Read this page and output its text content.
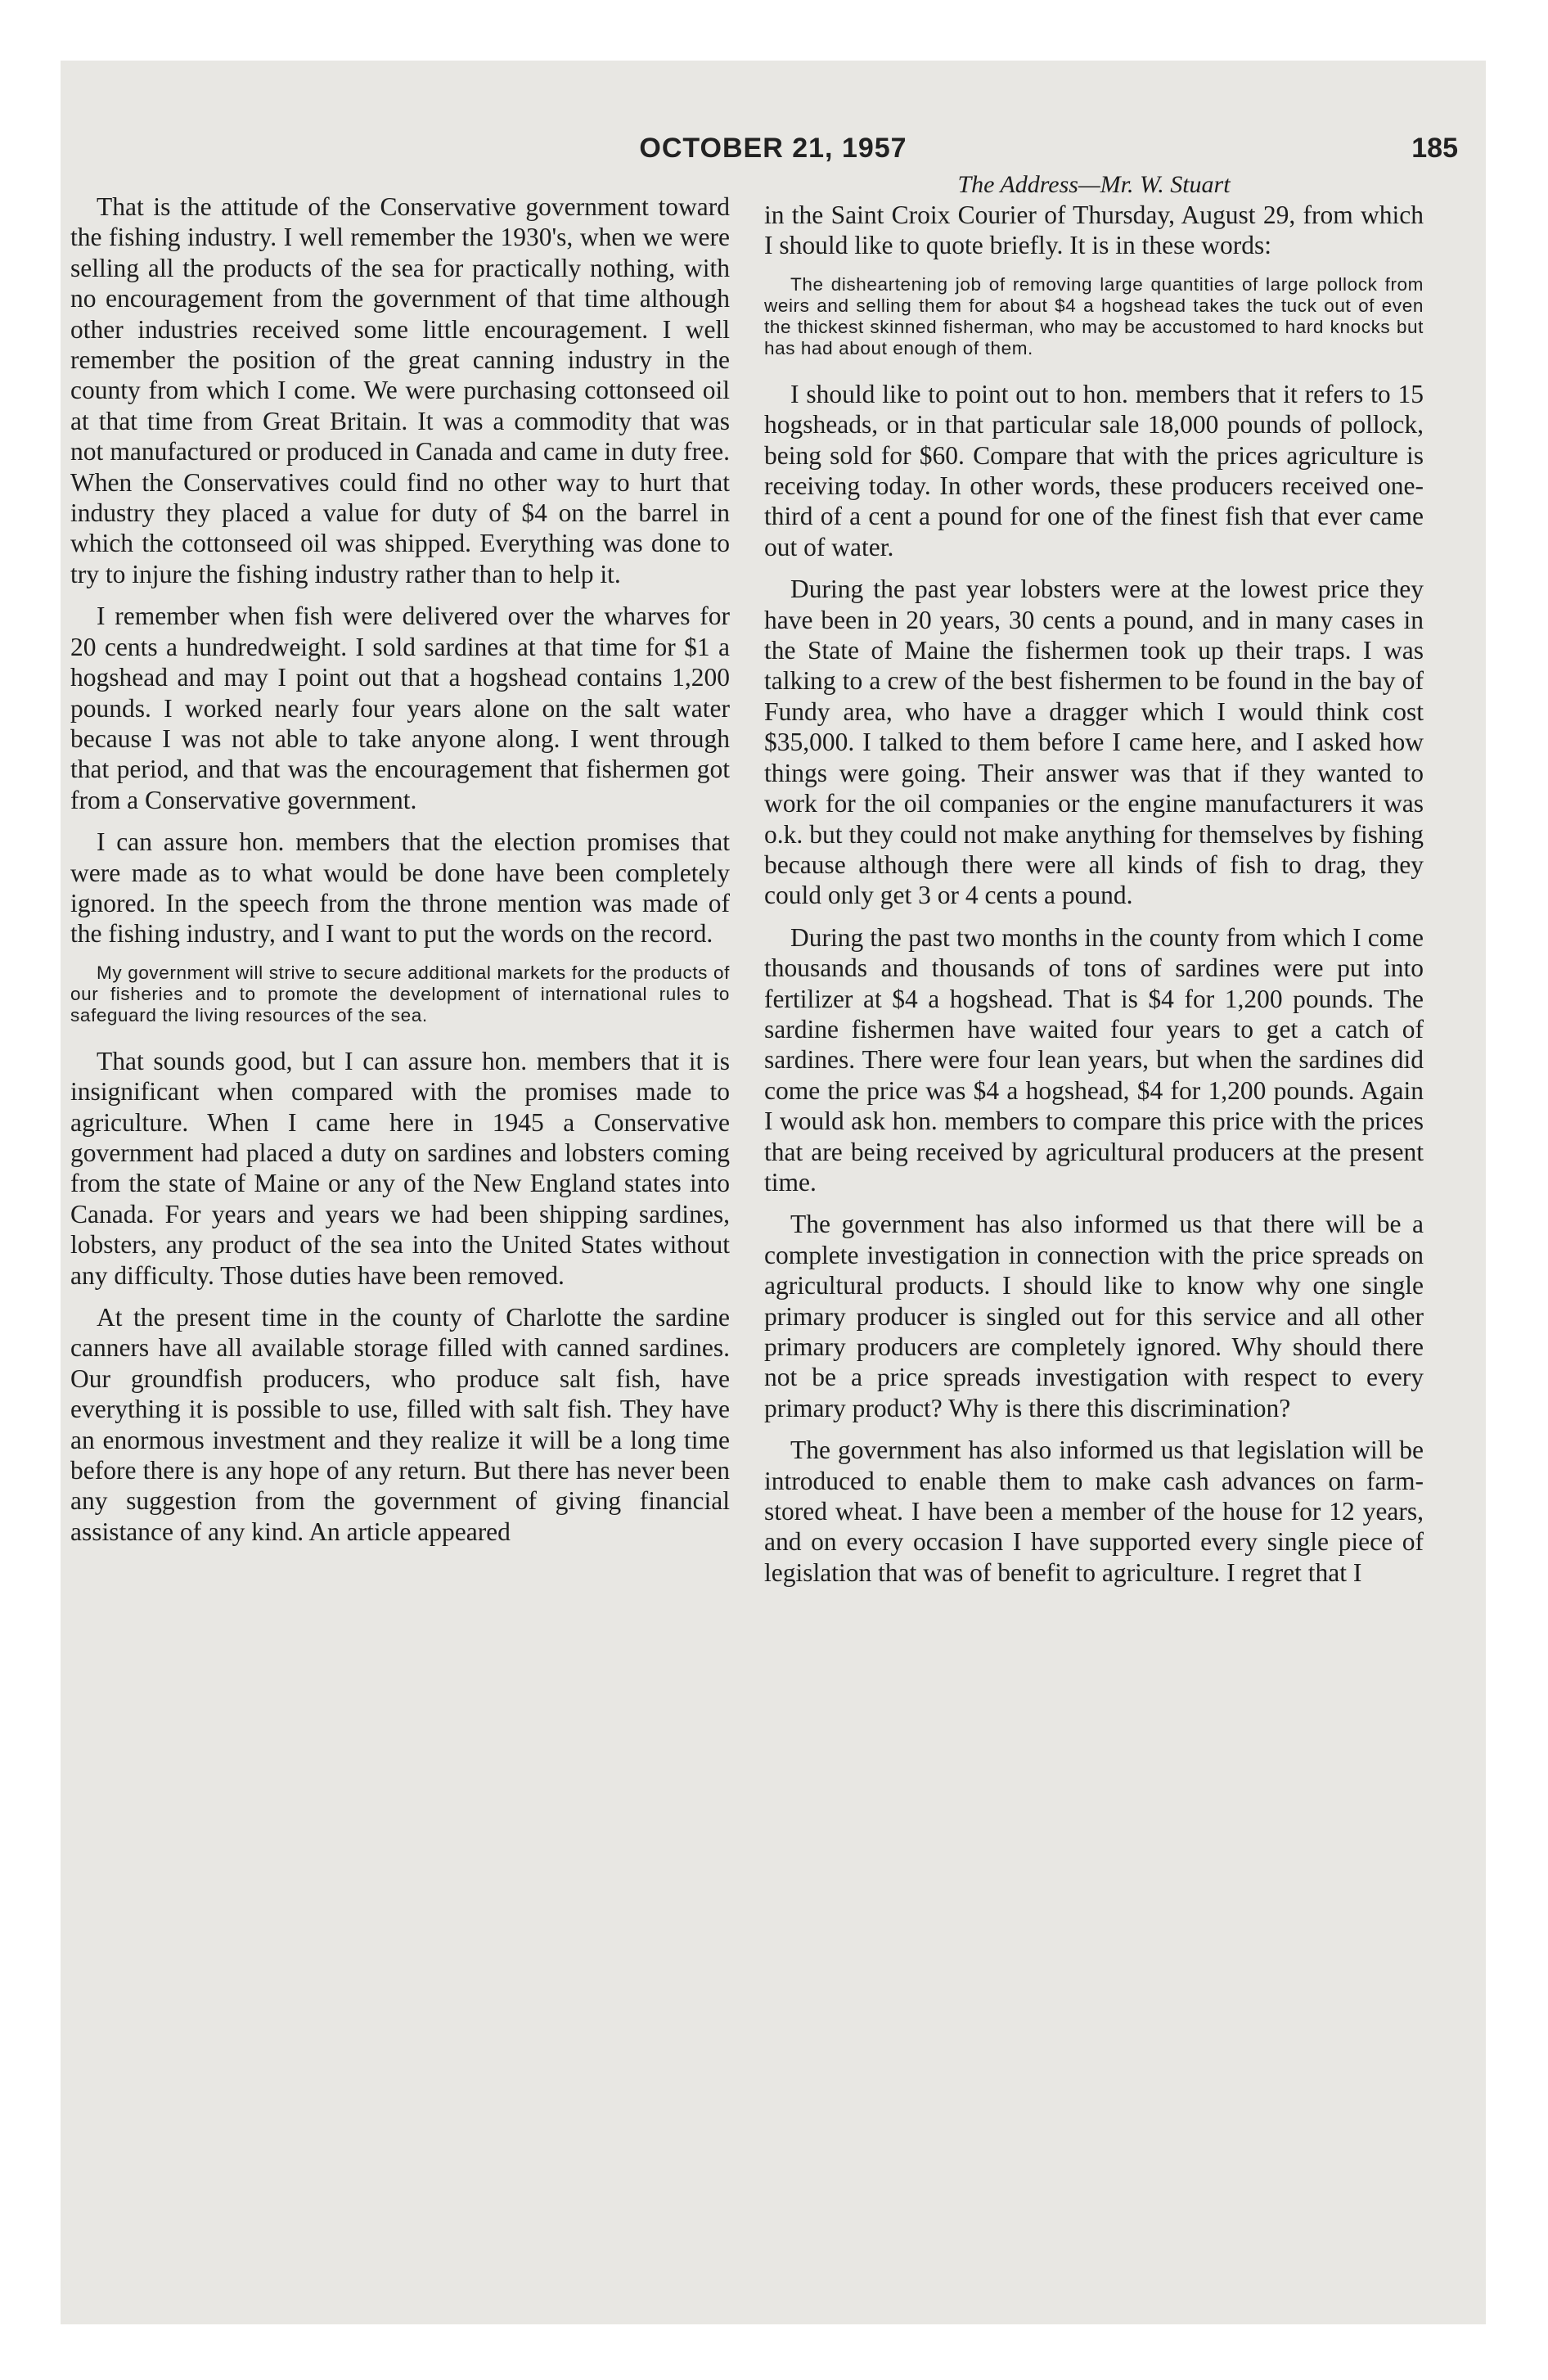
OCTOBER 21, 1957	185

That is the attitude of the Conservative government toward the fishing industry. I well remember the 1930's, when we were selling all the products of the sea for practically nothing, with no encouragement from the government of that time although other industries received some little encouragement. I well remember the position of the great canning industry in the county from which I come. We were purchasing cottonseed oil at that time from Great Britain. It was a commodity that was not manufactured or produced in Canada and came in duty free. When the Conservatives could find no other way to hurt that industry they placed a value for duty of $4 on the barrel in which the cottonseed oil was shipped. Everything was done to try to injure the fishing industry rather than to help it.

I remember when fish were delivered over the wharves for 20 cents a hundredweight. I sold sardines at that time for $1 a hogshead and may I point out that a hogshead contains 1,200 pounds. I worked nearly four years alone on the salt water because I was not able to take anyone along. I went through that period, and that was the encouragement that fishermen got from a Conservative government.

I can assure hon. members that the election promises that were made as to what would be done have been completely ignored. In the speech from the throne mention was made of the fishing industry, and I want to put the words on the record.

My government will strive to secure additional markets for the products of our fisheries and to promote the development of international rules to safeguard the living resources of the sea.

That sounds good, but I can assure hon. members that it is insignificant when compared with the promises made to agriculture. When I came here in 1945 a Conservative government had placed a duty on sardines and lobsters coming from the state of Maine or any of the New England states into Canada. For years and years we had been shipping sardines, lobsters, any product of the sea into the United States without any difficulty. Those duties have been removed.

At the present time in the county of Charlotte the sardine canners have all available storage filled with canned sardines. Our groundfish producers, who produce salt fish, have everything it is possible to use, filled with salt fish. They have an enormous investment and they realize it will be a long time before there is any hope of any return. But there has never been any suggestion from the government of giving financial assistance of any kind. An article appeared

The Address—Mr. W. Stuart

in the Saint Croix Courier of Thursday, August 29, from which I should like to quote briefly. It is in these words:

The disheartening job of removing large quantities of large pollock from weirs and selling them for about $4 a hogshead takes the tuck out of even the thickest skinned fisherman, who may be accustomed to hard knocks but has had about enough of them.

I should like to point out to hon. members that it refers to 15 hogsheads, or in that particular sale 18,000 pounds of pollock, being sold for $60. Compare that with the prices agriculture is receiving today. In other words, these producers received one-third of a cent a pound for one of the finest fish that ever came out of water.

During the past year lobsters were at the lowest price they have been in 20 years, 30 cents a pound, and in many cases in the State of Maine the fishermen took up their traps. I was talking to a crew of the best fishermen to be found in the bay of Fundy area, who have a dragger which I would think cost $35,000. I talked to them before I came here, and I asked how things were going. Their answer was that if they wanted to work for the oil companies or the engine manufacturers it was o.k. but they could not make anything for themselves by fishing because although there were all kinds of fish to drag, they could only get 3 or 4 cents a pound.

During the past two months in the county from which I come thousands and thousands of tons of sardines were put into fertilizer at $4 a hogshead. That is $4 for 1,200 pounds. The sardine fishermen have waited four years to get a catch of sardines. There were four lean years, but when the sardines did come the price was $4 a hogshead, $4 for 1,200 pounds. Again I would ask hon. members to compare this price with the prices that are being received by agricultural producers at the present time.

The government has also informed us that there will be a complete investigation in connection with the price spreads on agricultural products. I should like to know why one single primary producer is singled out for this service and all other primary producers are completely ignored. Why should there not be a price spreads investigation with respect to every primary product? Why is there this discrimination?

The government has also informed us that legislation will be introduced to enable them to make cash advances on farm-stored wheat. I have been a member of the house for 12 years, and on every occasion I have supported every single piece of legislation that was of benefit to agriculture. I regret that I
